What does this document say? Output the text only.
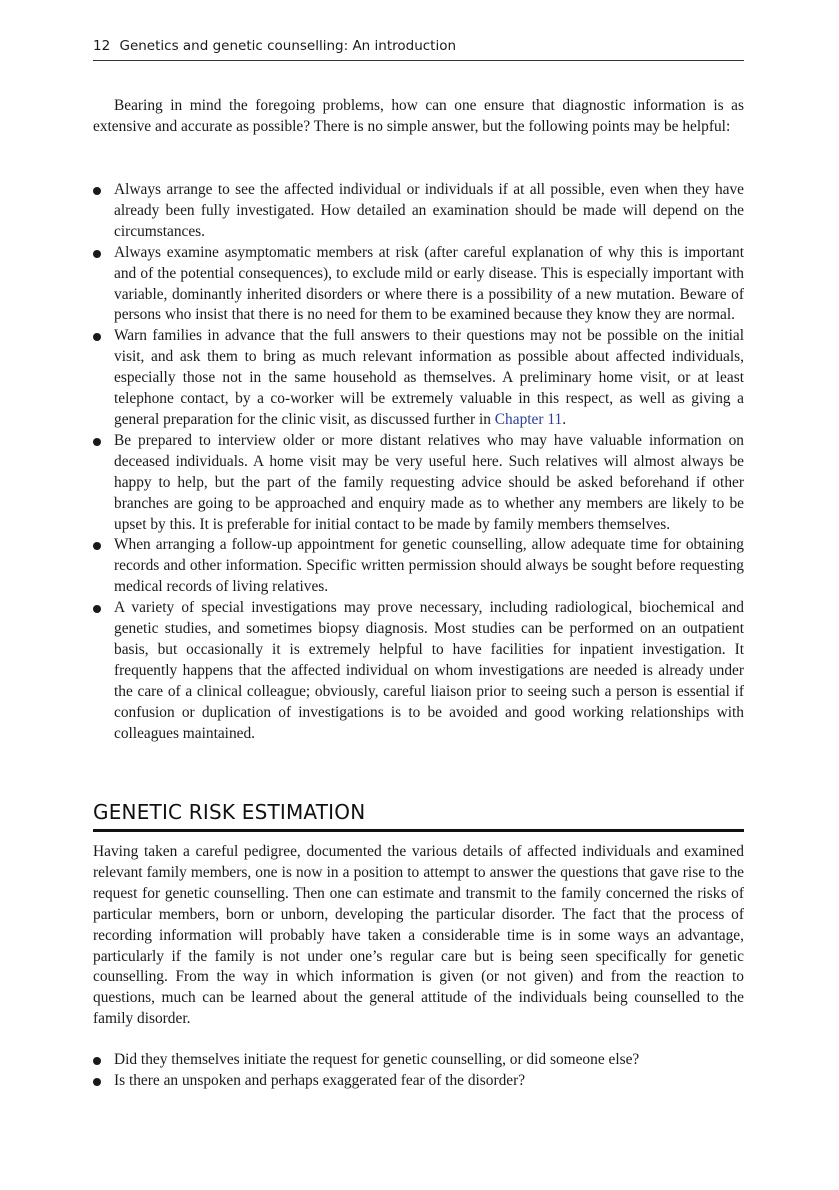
12 Genetics and genetic counselling: An introduction

Bearing in mind the foregoing problems, how can one ensure that diagnostic information is as extensive and accurate as possible? There is no simple answer, but the following points may be helpful:

Always arrange to see the affected individual or individuals if at all possible, even when they have already been fully investigated. How detailed an examination should be made will depend on the circumstances.
Always examine asymptomatic members at risk (after careful explanation of why this is important and of the potential consequences), to exclude mild or early disease. This is especially important with variable, dominantly inherited disorders or where there is a possibility of a new mutation. Beware of persons who insist that there is no need for them to be examined because they know they are normal.
Warn families in advance that the full answers to their questions may not be possible on the initial visit, and ask them to bring as much relevant information as possible about affected individuals, especially those not in the same household as themselves. A preliminary home visit, or at least telephone contact, by a co-worker will be extremely valuable in this respect, as well as giving a general preparation for the clinic visit, as discussed further in Chapter 11.
Be prepared to interview older or more distant relatives who may have valuable information on deceased individuals. A home visit may be very useful here. Such relatives will almost always be happy to help, but the part of the family requesting advice should be asked beforehand if other branches are going to be approached and enquiry made as to whether any members are likely to be upset by this. It is preferable for initial contact to be made by family members themselves.
When arranging a follow-up appointment for genetic counselling, allow adequate time for obtaining records and other information. Specific written permission should always be sought before requesting medical records of living relatives.
A variety of special investigations may prove necessary, including radiological, biochemical and genetic studies, and sometimes biopsy diagnosis. Most studies can be performed on an outpatient basis, but occasionally it is extremely helpful to have facilities for inpatient investigation. It frequently happens that the affected individual on whom investigations are needed is already under the care of a clinical colleague; obviously, careful liaison prior to seeing such a person is essential if confusion or duplication of investigations is to be avoided and good working relationships with colleagues maintained.
GENETIC RISK ESTIMATION

Having taken a careful pedigree, documented the various details of affected individuals and examined relevant family members, one is now in a position to attempt to answer the questions that gave rise to the request for genetic counselling. Then one can estimate and transmit to the family concerned the risks of particular members, born or unborn, developing the particular disorder. The fact that the process of recording information will probably have taken a considerable time is in some ways an advantage, particularly if the family is not under one’s regular care but is being seen specifically for genetic counselling. From the way in which information is given (or not given) and from the reaction to questions, much can be learned about the general attitude of the individuals being counselled to the family disorder.

Did they themselves initiate the request for genetic counselling, or did someone else?
Is there an unspoken and perhaps exaggerated fear of the disorder?
